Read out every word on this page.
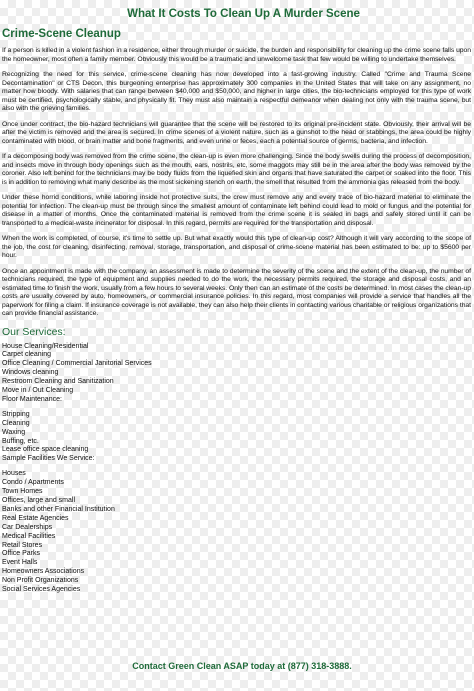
What It Costs To Clean Up A Murder Scene
Crime-Scene Cleanup

If a person is killed in a violent fashion in a residence, either through murder or suicide, the burden and responsibility for cleaning up the crime scene falls upon the homeowner, most often a family member. Obviously this would be a traumatic and unwelcome task that few would be willing to undertake themselves.

Recognizing the need for this service, crime-scene cleaning has now developed into a fast-growing industry. Called "Crime and Trauma Scene Decontamination" or CTS Decon, this burgeoning enterprise has approximately 300 companies in the United States that will take on any assignment, no matter how bloody. With salaries that can range between $40,000 and $50,000, and higher in large cities, the bio-technicians employed for this type of work must be certified, psychologically stable, and physically fit. They must also maintain a respectful demeanor when dealing not only with the trauma scene, but also with the grieving families.

Once under contract, the bio-hazard technicians will guarantee that the scene will be restored to its original pre-incident state. Obviously, their arrival will be after the victim is removed and the area is secured. In crime scenes of a violent nature, such as a gunshot to the head or stabbings, the area could be highly contaminated with blood, or brain matter and bone fragments, and even urine or feces, each a potential source of germs, bacteria, and infection.

If a decomposing body was removed from the crime scene, the clean-up is even more challenging. Since the body swells during the process of decomposition, and insects move in through body openings such as the mouth, ears, nostrils, etc, some maggots may still be in the area after the body was removed by the coroner. Also left behind for the technicians may be body fluids from the liquefied skin and organs that have saturated the carpet or soaked into the floor. This is in addition to removing what many describe as the most sickening stench on earth, the smell that resulted from the ammonia gas released from the body.

Under these horrid conditions, while laboring inside hot protective suits, the crew must remove any and every trace of bio-hazard material to eliminate the potential for infection. The clean-up must be through since the smallest amount of contaminate left behind could lead to mold or fungus and the potential for disease in a matter of months. Once the contaminated material is removed from the crime scene it is sealed in bags and safely stored until it can be transported to a medical-waste incinerator for disposal. In this regard, permits are required for the transportation and disposal.

When the work is completed, of course, it's time to settle up. But what exactly would this type of clean-up cost? Although it will vary according to the scope of the job, the cost for cleaning, disinfecting, removal, storage, transportation, and disposal of crime-scene material has been estimated to be: up to $5600 per hour.

Once an appointment is made with the company, an assessment is made to determine the severity of the scene and the extent of the clean-up, the number of technicians required, the type of equipment and supplies needed to do the work, the necessary permits required, the storage and disposal costs, and an estimated time to finish the work, usually from a few hours to several weeks. Only then can an estimate of the costs be determined. In most cases the clean-up costs are usually covered by auto, homeowners, or commercial insurance policies. In this regard, most companies will provide a service that handles all the paperwork for filing a claim. If insurance coverage is not available, they can also help their clients in contacting various charitable or religious organizations that can provide financial assistance.

Our Services:
House Cleaning/Residential
Carpet cleaning
Office Cleaning / Commercial Janitorial Services
Windows cleaning
Restroom Cleaning and Sanitization
Move in / Out Cleaning
Floor Maintenance:
Stripping
Cleaning
Waxing
Buffing, etc.
Lease office space cleaning
Sample Facilities We Service:
Houses
Condo / Apartments
Town Homes
Offices, large and small
Banks and other Financial Institution
Real Estate Agencies
Car Dealerships
Medical Facilities
Retail Stores
Office Parks
Event Halls
Homeowners Associations
Non Profit Organizations
Social Services Agencies
Contact Green Clean ASAP today at (877) 318-3888.
